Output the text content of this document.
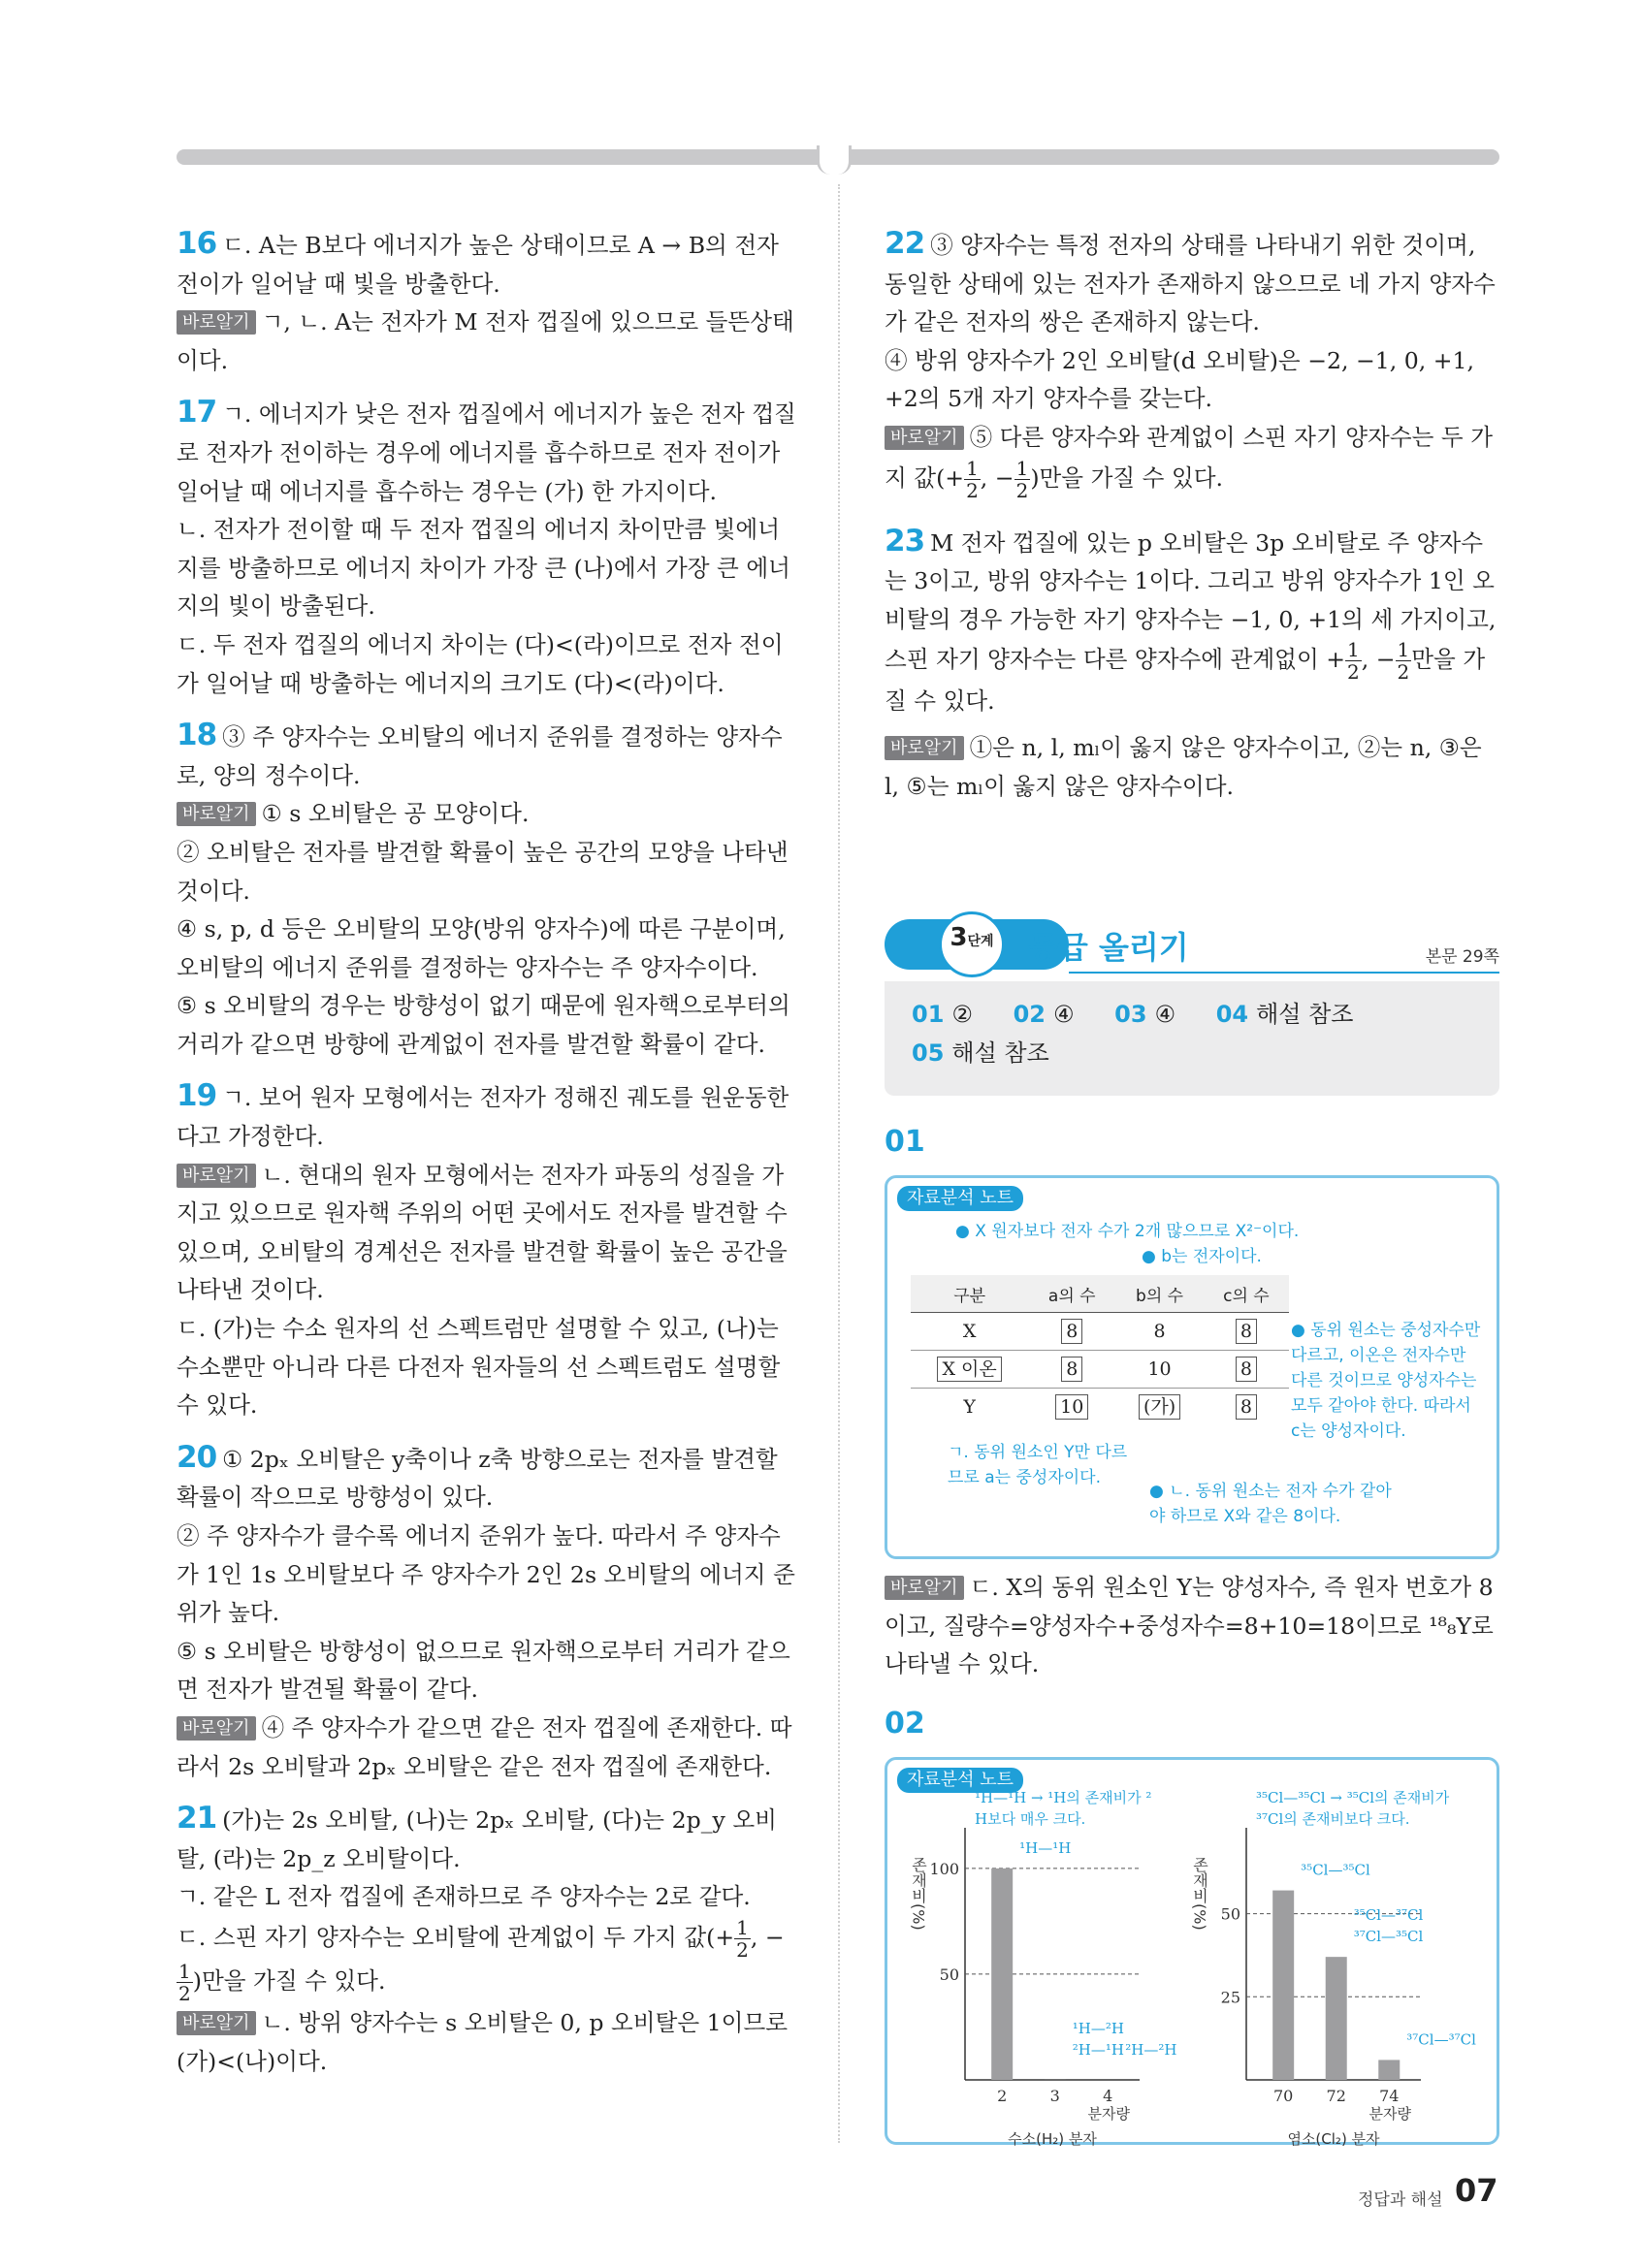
16 ㄷ. A는 B보다 에너지가 높은 상태이므로 A → B의 전자 전이가 일어날 때 빛을 방출한다.

바로알기 ㄱ, ㄴ. A는 전자가 M 전자 껍질에 있으므로 들뜬상태이다.

17 ㄱ. 에너지가 낮은 전자 껍질에서 에너지가 높은 전자 껍질로 전자가 전이하는 경우에 에너지를 흡수하므로 전자 전이가 일어날 때 에너지를 흡수하는 경우는 (가) 한 가지이다.

ㄴ. 전자가 전이할 때 두 전자 껍질의 에너지 차이만큼 빛에너지를 방출하므로 에너지 차이가 가장 큰 (나)에서 가장 큰 에너지의 빛이 방출된다.

ㄷ. 두 전자 껍질의 에너지 차이는 (다)<(라)이므로 전자 전이가 일어날 때 방출하는 에너지의 크기도 (다)<(라)이다.

18 ③ 주 양자수는 오비탈의 에너지 준위를 결정하는 양자수로, 양의 정수이다.

바로알기 ① s 오비탈은 공 모양이다.

② 오비탈은 전자를 발견할 확률이 높은 공간의 모양을 나타낸 것이다.

④ s, p, d 등은 오비탈의 모양(방위 양자수)에 따른 구분이며, 오비탈의 에너지 준위를 결정하는 양자수는 주 양자수이다.

⑤ s 오비탈의 경우는 방향성이 없기 때문에 원자핵으로부터의 거리가 같으면 방향에 관계없이 전자를 발견할 확률이 같다.

19 ㄱ. 보어 원자 모형에서는 전자가 정해진 궤도를 원운동한다고 가정한다.

바로알기 ㄴ. 현대의 원자 모형에서는 전자가 파동의 성질을 가지고 있으므로 원자핵 주위의 어떤 곳에서도 전자를 발견할 수 있으며, 오비탈의 경계선은 전자를 발견할 확률이 높은 공간을 나타낸 것이다.

ㄷ. (가)는 수소 원자의 선 스펙트럼만 설명할 수 있고, (나)는 수소뿐만 아니라 다른 다전자 원자들의 선 스펙트럼도 설명할 수 있다.

20 ① 2pₓ 오비탈은 y축이나 z축 방향으로는 전자를 발견할 확률이 작으므로 방향성이 있다.

② 주 양자수가 클수록 에너지 준위가 높다. 따라서 주 양자수가 1인 1s 오비탈보다 주 양자수가 2인 2s 오비탈의 에너지 준위가 높다.

⑤ s 오비탈은 방향성이 없으므로 원자핵으로부터 거리가 같으면 전자가 발견될 확률이 같다.

바로알기 ④ 주 양자수가 같으면 같은 전자 껍질에 존재한다. 따라서 2s 오비탈과 2pₓ 오비탈은 같은 전자 껍질에 존재한다.

21 (가)는 2s 오비탈, (나)는 2pₓ 오비탈, (다)는 2p_y 오비탈, (라)는 2p_z 오비탈이다.

ㄱ. 같은 L 전자 껍질에 존재하므로 주 양자수는 2로 같다.

ㄷ. 스핀 자기 양자수는 오비탈에 관계없이 두 가지 값(+ $\frac{1}{2}$ , −
$\frac{1}{2}$ )만을 가질 수 있다.

바로알기 ㄴ. 방위 양자수는 s 오비탈은 0, p 오비탈은 1이므로 (가)<(나)이다.

22 ③ 양자수는 특정 전자의 상태를 나타내기 위한 것이며, 동일한 상태에 있는 전자가 존재하지 않으므로 네 가지 양자수가 같은 전자의 쌍은 존재하지 않는다.

④ 방위 양자수가 2인 오비탈(d 오비탈)은 −2, −1, 0, +1, +2의 5개 자기 양자수를 갖는다.

바로알기 ⑤ 다른 양자수와 관계없이 스핀 자기 양자수는 두 가지 값(+ $\frac{1}{2}$ , − $\frac{1}{2}$ )만을 가질 수 있다.

23 M 전자 껍질에 있는 p 오비탈은 3p 오비탈로 주 양자수는 3이고, 방위 양자수는 1이다. 그리고 방위 양자수가 1인 오비탈의 경우 가능한 자기 양자수는 −1, 0, +1의 세 가지이고, 스핀 자기 양자수는 다른 양자수에 관계없이 + $\frac{1}{2}$ , − $\frac{1}{2}$ 만을 가질 수 있다.

바로알기 ①은 n, l, mₗ이 옳지 않은 양자수이고, ②는 n, ③은 l, ⑤는 mₗ이 옳지 않은 양자수이다.

3단계 등급 올리기	본문 29쪽
01 ② 02 ④ 03 ④ 04 해설 참조
05 해설 참조
01
자료분석 노트
● X 원자보다 전자 수가 2개 많으므로 X²⁻이다.
● b는 전자이다.
구분	a의 수	b의 수	c의 수
X	8	8	8
X 이온	8	10	8
Y	10	(가)	8
● 동위 원소는 중성자수만 다르고, 이온은 전자수만 다른 것이므로 양성자수는 모두 같아야 한다. 따라서 c는 양성자이다.
ㄱ. 동위 원소인 Y만 다르므로 a는 중성자이다.
● ㄴ. 동위 원소는 전자 수가 같아야 하므로 X와 같은 8이다.

바로알기 ㄷ. X의 동위 원소인 Y는 양성자수, 즉 원자 번호가 8이고, 질량수=양성자수+중성자수=8+10=18이므로 ¹⁸₈Y로 나타낼 수 있다.

02
자료분석 노트
존재비(%)
50
100
2
¹H—¹H
3
¹H—²H
²H—¹H
4
²H—²H
분자량
수소(H₂) 분자
¹H—¹H → ¹H의 존재비가 ²
H보다 매우 크다.
존재비(%)
25
50
70
³⁵Cl—³⁵Cl
72
³⁵Cl—³⁷Cl
³⁷Cl—³⁵Cl
74
³⁷Cl—³⁷Cl
분자량
염소(Cl₂) 분자
³⁵Cl—³⁵Cl → ³⁵Cl의 존재비가
³⁷Cl의 존재비보다 크다.
정답과 해설 07
